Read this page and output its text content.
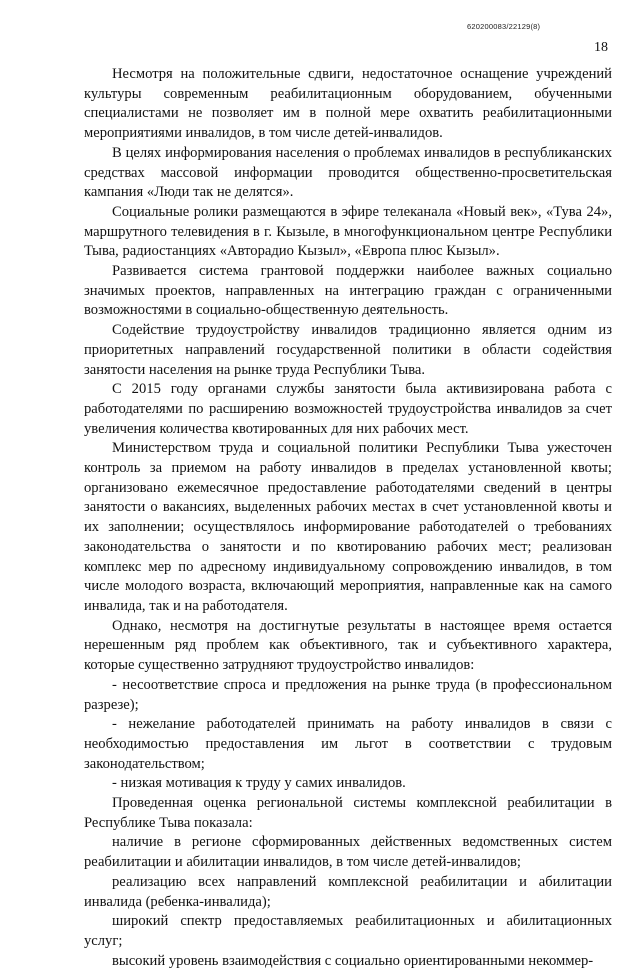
620200083/22129(8)
18

Несмотря на положительные сдвиги, недостаточное оснащение учреждений культуры современным реабилитационным оборудованием, обученными специалистами не позволяет им в полной мере охватить реабилитационными мероприятиями инвалидов, в том числе детей-инвалидов.

В целях информирования населения о проблемах инвалидов в республиканских средствах массовой информации проводится общественно-просветительская кампания «Люди так не делятся».

Социальные ролики размещаются в эфире телеканала «Новый век», «Тува 24», маршрутного телевидения в г. Кызыле, в многофункциональном центре Республики Тыва, радиостанциях «Авторадио Кызыл», «Европа плюс Кызыл».

Развивается система грантовой поддержки наиболее важных социально значимых проектов, направленных на интеграцию граждан с ограниченными возможностями в социально-общественную деятельность.

Содействие трудоустройству инвалидов традиционно является одним из приоритетных направлений государственной политики в области содействия занятости населения на рынке труда Республики Тыва.

С 2015 году органами службы занятости была активизирована работа с работодателями по расширению возможностей трудоустройства инвалидов за счет увеличения количества квотированных для них рабочих мест.

Министерством труда и социальной политики Республики Тыва ужесточен контроль за приемом на работу инвалидов в пределах установленной квоты; организовано ежемесячное предоставление работодателями сведений в центры занятости о вакансиях, выделенных рабочих местах в счет установленной квоты и их заполнении; осуществлялось информирование работодателей о требованиях законодательства о занятости и по квотированию рабочих мест; реализован комплекс мер по адресному индивидуальному сопровождению инвалидов, в том числе молодого возраста, включающий мероприятия, направленные как на самого инвалида, так и на работодателя.

Однако, несмотря на достигнутые результаты в настоящее время остается нерешенным ряд проблем как объективного, так и субъективного характера, которые существенно затрудняют трудоустройство инвалидов:

- несоответствие спроса и предложения на рынке труда (в профессиональном разрезе);

- нежелание работодателей принимать на работу инвалидов в связи с необходимостью предоставления им льгот в соответствии с трудовым законодательством;

- низкая мотивация к труду у самих инвалидов.

Проведенная оценка региональной системы комплексной реабилитации в Республике Тыва показала:

наличие в регионе сформированных действенных ведомственных систем реабилитации и абилитации инвалидов, в том числе детей-инвалидов;

реализацию всех направлений комплексной реабилитации и абилитации инвалида (ребенка-инвалида);

широкий спектр предоставляемых реабилитационных и абилитационных услуг;

высокий уровень взаимодействия с социально ориентированными некоммер-
